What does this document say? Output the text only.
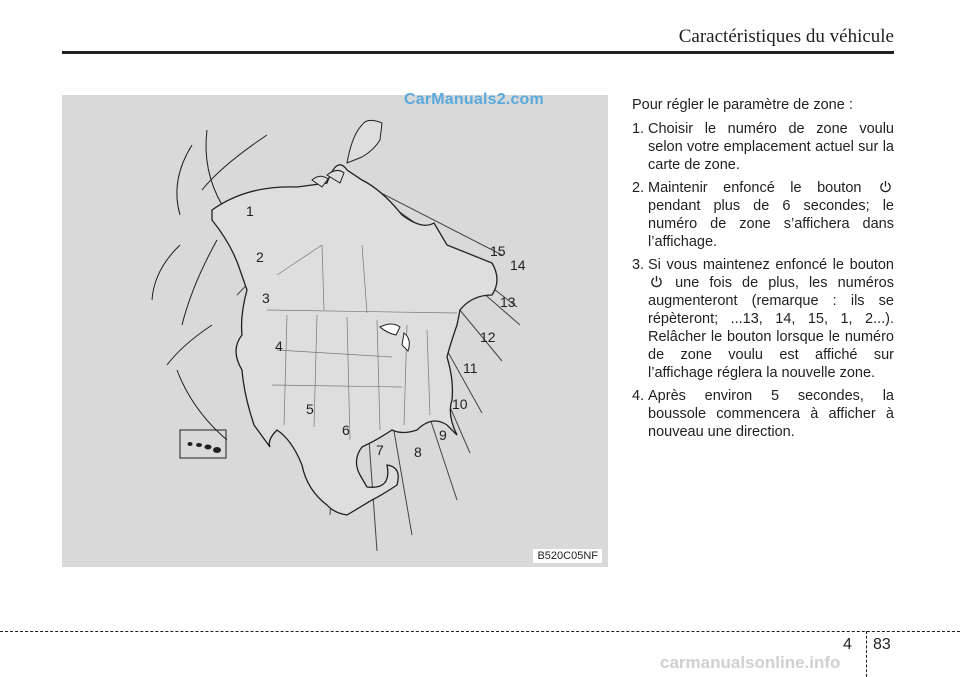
Caractéristiques du véhicule
1
2
3
4
5
6
7 8
9
10
11
12
13
14
15
CarManuals2.com
B520C05NF

Pour régler le paramètre de zone :

1. Choisir le numéro de zone voulu selon votre emplacement actuel sur la carte de zone.
2. Maintenir enfoncé le bouton  pendant plus de 6 secondes; le numéro de zone s’affichera dans l’affichage.
3. Si vous maintenez enfoncé le bouton  une fois de plus, les numéros augmenteront (remarque : ils se répèteront; ...13, 14, 15, 1, 2...). Relâcher le bouton lorsque le numéro de zone voulu est affiché sur l’affichage réglera la nouvelle zone.
4. Après environ 5 secondes, la boussole commencera à afficher à nouveau une direction.
4 83
carmanualsonline.info
